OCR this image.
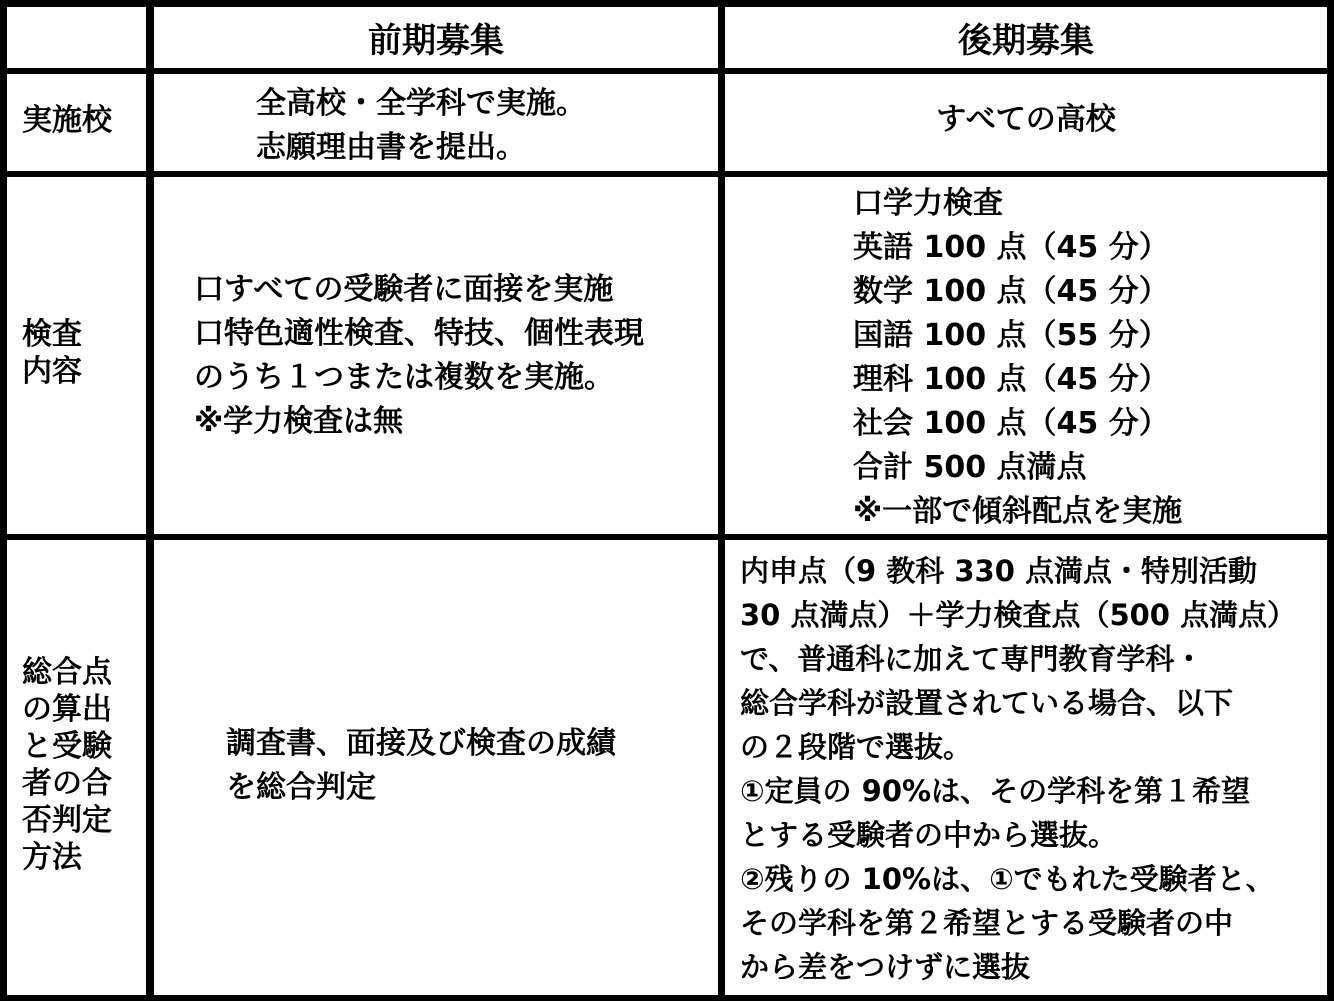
前期募集	後期募集
実施校	全高校・全学科で実施。
志願理由書を提出。
すべての高校
検査
内容
口すべての受験者に面接を実施
口特色適性検査、特技、個性表現
のうち１つまたは複数を実施。
※学力検査は無
口学力検査
英語 100 点（45 分）
数学 100 点（45 分）
国語 100 点（55 分）
理科 100 点（45 分）
社会 100 点（45 分）
合計 500 点満点
※一部で傾斜配点を実施
総合点
の算出
と受験
者の合
否判定
方法
調査書、面接及び検査の成績
を総合判定
内申点（9 教科 330 点満点・特別活動
30 点満点）＋学力検査点（500 点満点）
で、普通科に加えて専門教育学科・
総合学科が設置されている場合、以下
の２段階で選抜。
①定員の 90%は、その学科を第１希望
とする受験者の中から選抜。
②残りの 10%は、①でもれた受験者と、
その学科を第２希望とする受験者の中
から差をつけずに選抜
